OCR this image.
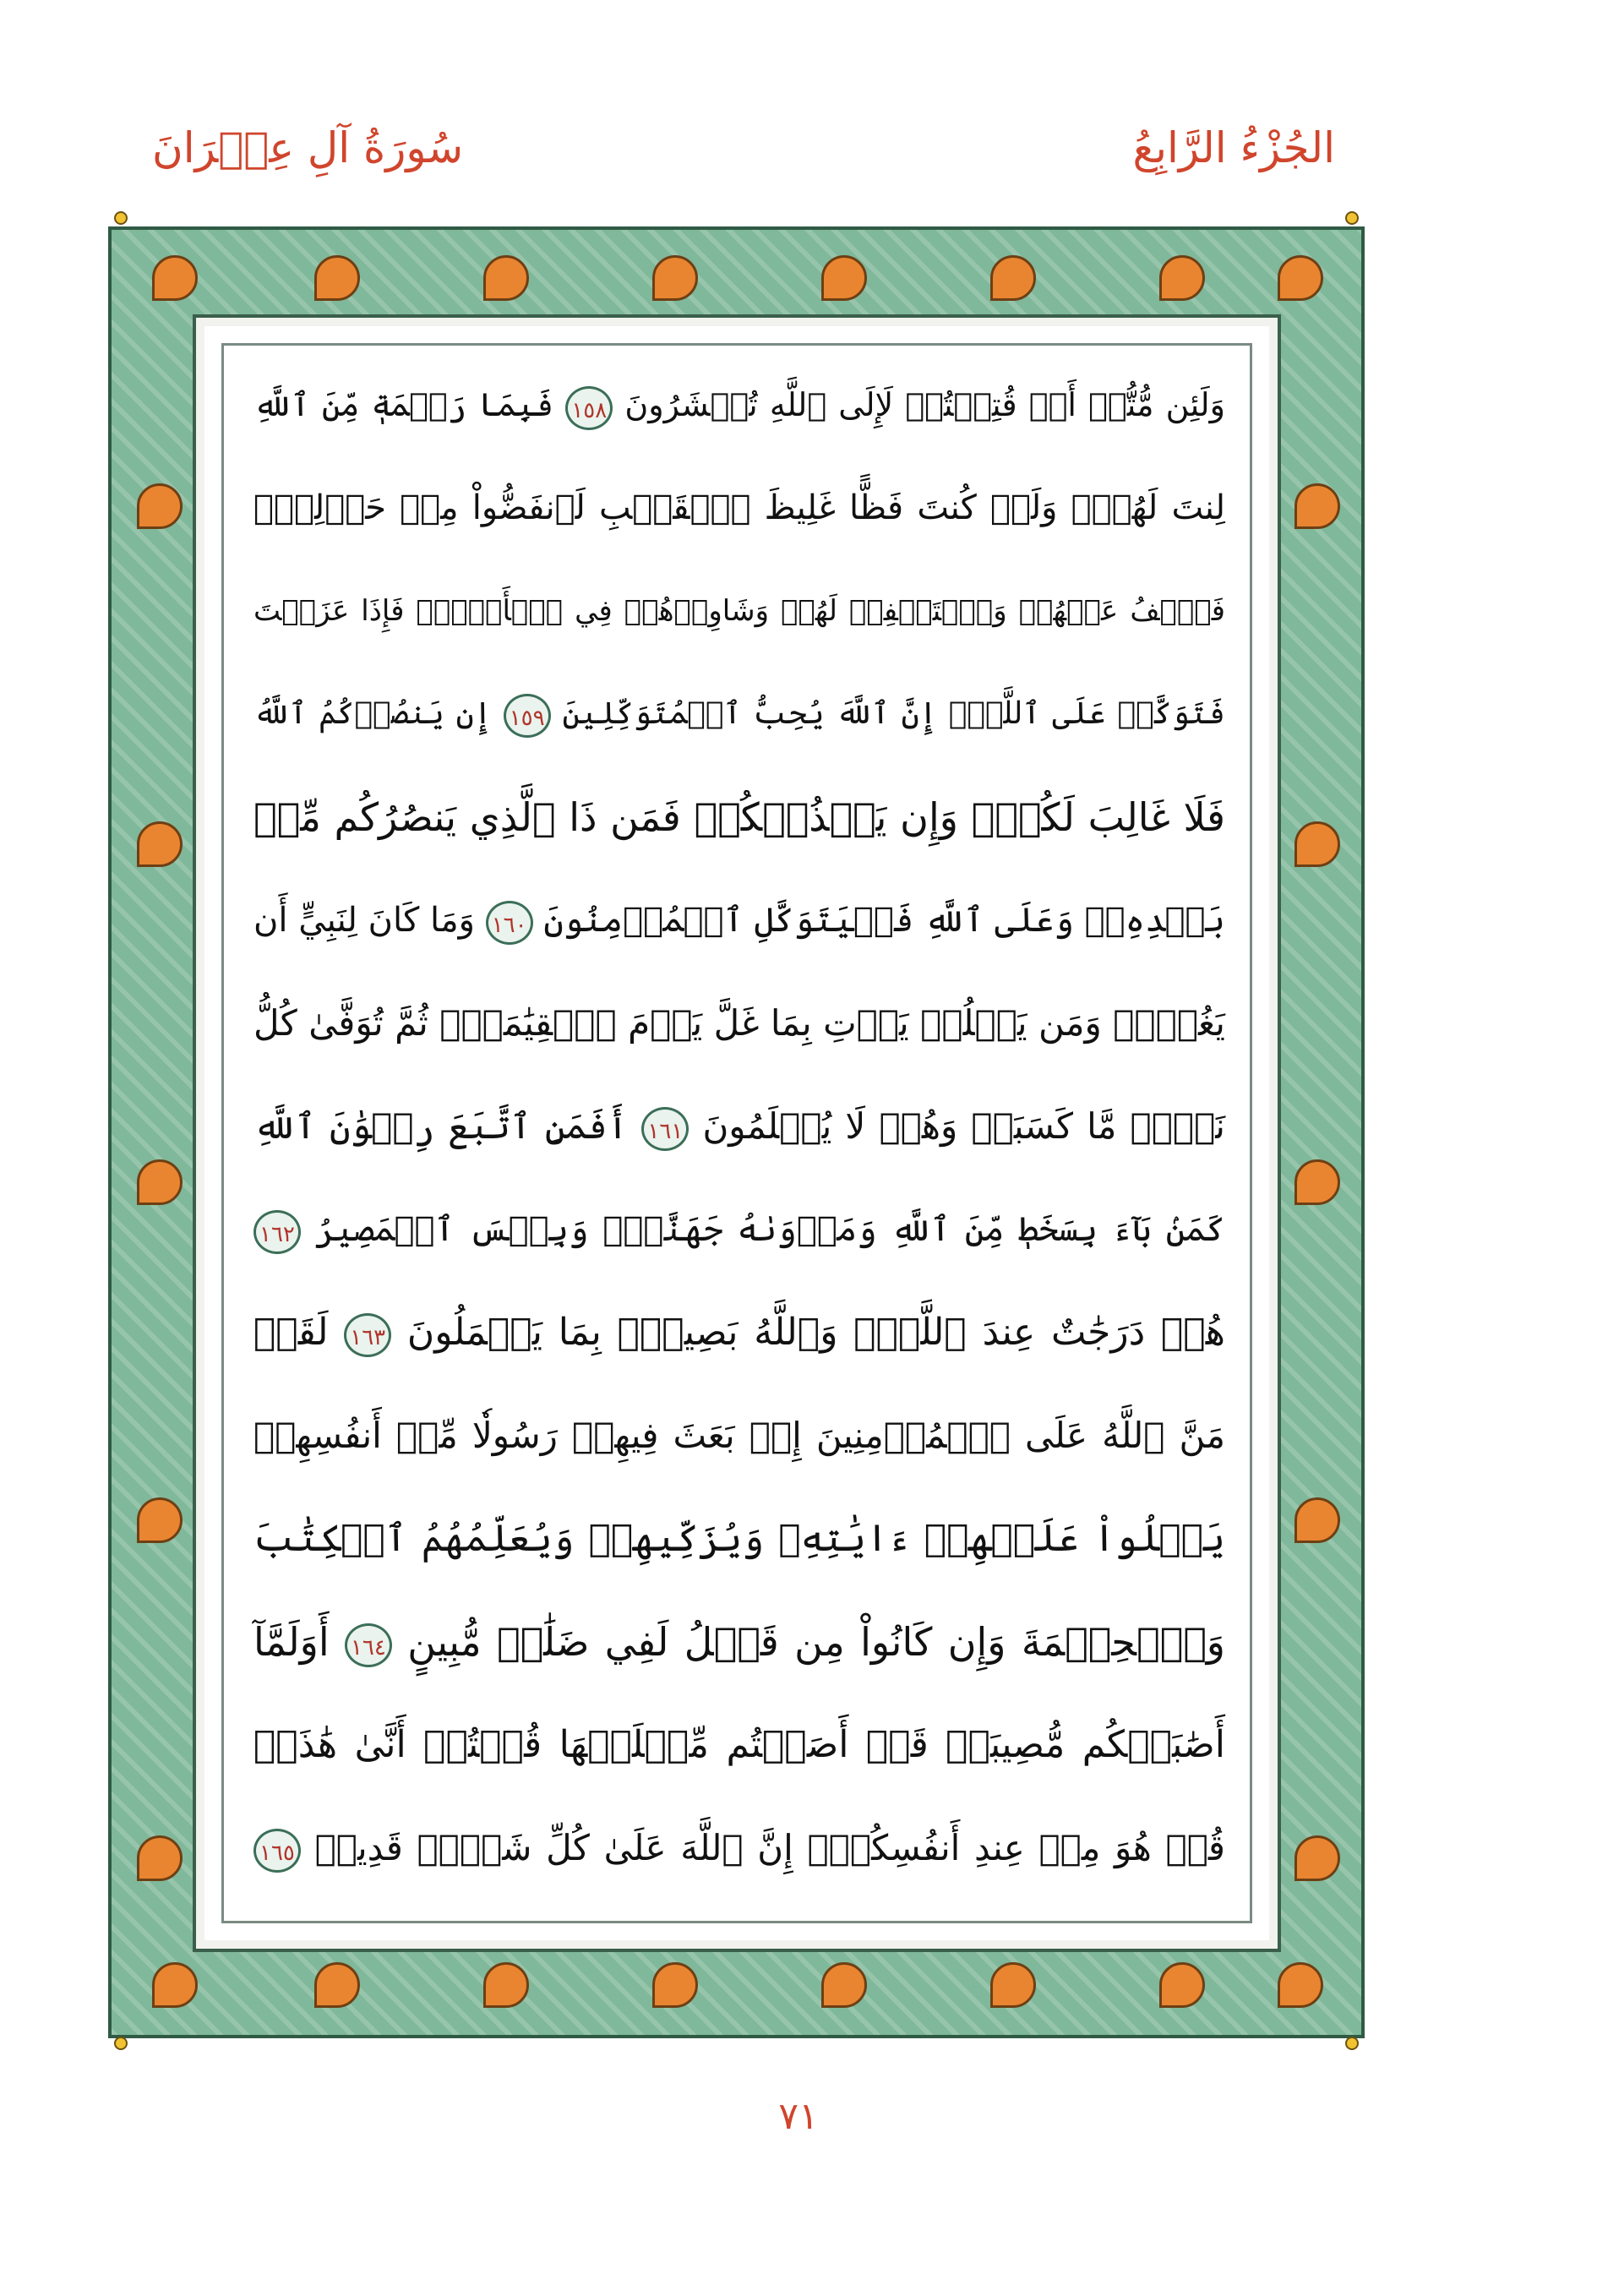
الجُزْءُ الرَّابِعُ
سُورَةُ آلِ عِمۡرَانَ
وَلَئِن مُّتُّمۡ أَوۡ قُتِلۡتُمۡ لَإِلَى ٱللَّهِ تُحۡشَرُونَ ١٥٨ فَبِمَا رَحۡمَةٖ مِّنَ ٱللَّهِ
لِنتَ لَهُمۡۖ وَلَوۡ كُنتَ فَظًّا غَلِيظَ ٱلۡقَلۡبِ لَٱنفَضُّواْ مِنۡ حَوۡلِكَۖ
فَٱعۡفُ عَنۡهُمۡ وَٱسۡتَغۡفِرۡ لَهُمۡ وَشَاوِرۡهُمۡ فِي ٱلۡأَمۡرِۖ فَإِذَا عَزَمۡتَ
فَتَوَكَّلۡ عَلَى ٱللَّهِۚ إِنَّ ٱللَّهَ يُحِبُّ ٱلۡمُتَوَكِّلِينَ ١٥٩ إِن يَنصُرۡكُمُ ٱللَّهُ
فَلَا غَالِبَ لَكُمۡۖ وَإِن يَخۡذُلۡكُمۡ فَمَن ذَا ٱلَّذِي يَنصُرُكُم مِّنۢ
بَعۡدِهِۦۗ وَعَلَى ٱللَّهِ فَلۡيَتَوَكَّلِ ٱلۡمُؤۡمِنُونَ ١٦٠ وَمَا كَانَ لِنَبِيٍّ أَن
يَغُلَّۚ وَمَن يَغۡلُلۡ يَأۡتِ بِمَا غَلَّ يَوۡمَ ٱلۡقِيَٰمَةِۚ ثُمَّ تُوَفَّىٰ كُلُّ
نَفۡسٖ مَّا كَسَبَتۡ وَهُمۡ لَا يُظۡلَمُونَ ١٦١ أَفَمَنِ ٱتَّبَعَ رِضۡوَٰنَ ٱللَّهِ
كَمَنۢ بَآءَ بِسَخَطٖ مِّنَ ٱللَّهِ وَمَأۡوَىٰهُ جَهَنَّمُۖ وَبِئۡسَ ٱلۡمَصِيرُ ١٦٢
هُمۡ دَرَجَٰتٌ عِندَ ٱللَّهِۗ وَٱللَّهُ بَصِيرُۢ بِمَا يَعۡمَلُونَ ١٦٣ لَقَدۡ
مَنَّ ٱللَّهُ عَلَى ٱلۡمُؤۡمِنِينَ إِذۡ بَعَثَ فِيهِمۡ رَسُولٗا مِّنۡ أَنفُسِهِمۡ
يَتۡلُواْ عَلَيۡهِمۡ ءَايَٰتِهِۦ وَيُزَكِّيهِمۡ وَيُعَلِّمُهُمُ ٱلۡكِتَٰبَ
وَٱلۡحِكۡمَةَ وَإِن كَانُواْ مِن قَبۡلُ لَفِي ضَلَٰلٖ مُّبِينٍ ١٦٤ أَوَلَمَّآ
أَصَٰبَتۡكُم مُّصِيبَةٞ قَدۡ أَصَبۡتُم مِّثۡلَيۡهَا قُلۡتُمۡ أَنَّىٰ هَٰذَاۖ
قُلۡ هُوَ مِنۡ عِندِ أَنفُسِكُمۡۗ إِنَّ ٱللَّهَ عَلَىٰ كُلِّ شَيۡءٖ قَدِيرٞ ١٦٥
٧١
